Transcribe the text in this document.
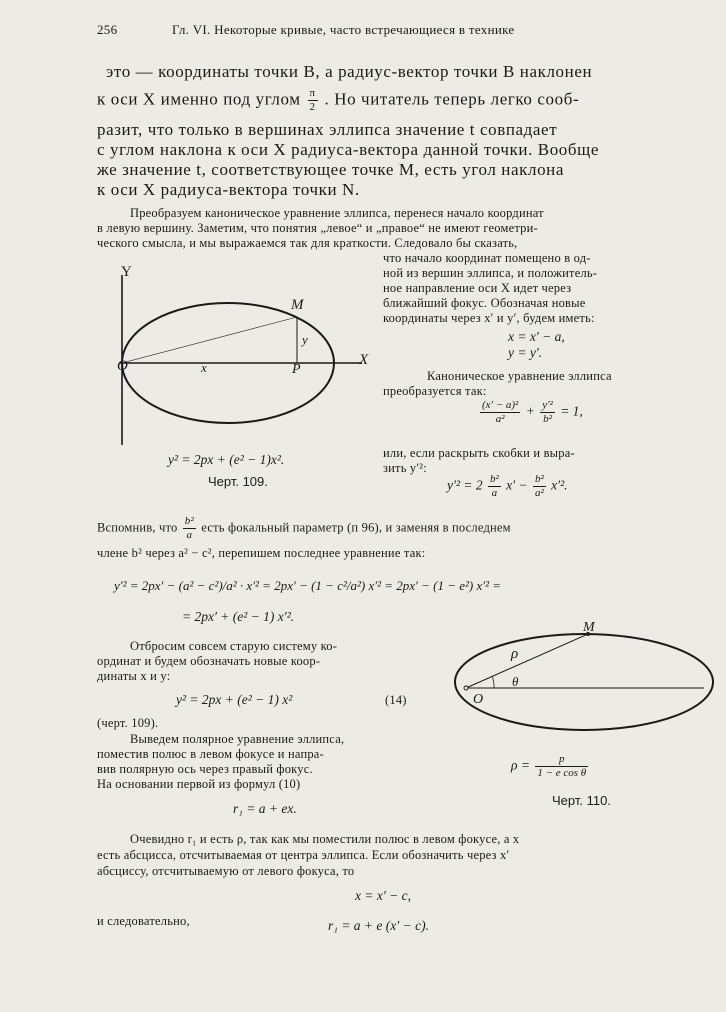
256	Гл. VI. Некоторые кривые, часто встречающиеся в технике
это — координаты точки B, а радиус-вектор точки B наклонен
к оси X именно под углом $\frac{\pi}{2}$ . Но читатель теперь легко сооб-
разит, что только в вершинах эллипса значение t совпадает
с углом наклона к оси X радиуса-вектора данной точки. Вообще
же значение t, соответствующее точке M, есть угол наклона
к оси X радиуса-вектора точки N.
Преобразуем каноническое уравнение эллипса, перенеся начало координат
в левую вершину. Заметим, что понятия „левое“ и „правое“ не имеют геометри-
ческого смысла, и мы выражаемся так для краткости. Следовало бы сказать,
Y
X
O
M
P
x
y
y² = 2px + (e² − 1)x².
Черт. 109.
что начало координат помещено в од-
ной из вершин эллипса, и положитель-
ное направление оси X идет через
ближайший фокус. Обозначая новые
координаты через x′ и y′, будем иметь:
x = x′ − a,
y = y′.
Каноническое уравнение эллипса
преобразуется так:
$\frac{\text{(x′ − a)²}}{\text{a²}} + \frac{\text{y′²}}{\text{b²}} = 1$,
или, если раскрыть скобки и выра-
зить y′²:
$y'^2 = 2 \frac{\text{b²}}{a} x' - \frac{\text{b²}}{\text{a²}} x'^2$.
Вспомнив, что $\frac{\text{b²}}{a}$ есть фокальный параметр (п 96), и заменяя в последнем
члене b² через a² − c², перепишем последнее уравнение так:
y′² = 2px′ − (a² − c²)/a² · x′² = 2px′ − (1 − c²/a²) x′² = 2px′ − (1 − e²) x′² =
= 2px′ + (e² − 1) x′².
Отбросим совсем старую систему ко-
ординат и будем обозначать новые коор-
динаты x и y:
y² = 2px + (e² − 1) x²	(14)
(черт. 109).
Выведем полярное уравнение эллипса,
поместив полюс в левом фокусе и напра-
вив полярную ось через правый фокус.
На основании первой из формул (10)
r₁ = a + ex.
M
ρ
θ
O
$\rho = \frac{p}{\text{1 − e cos θ}}$
Черт. 110.
Очевидно r₁ и есть ρ, так как мы поместили полюс в левом фокусе, а x
есть абсцисса, отсчитываемая от центра эллипса. Если обозначить через x′
абсциссу, отсчитываемую от левого фокуса, то
x = x′ − c,
и следовательно,	r₁ = a + e (x′ − c).
